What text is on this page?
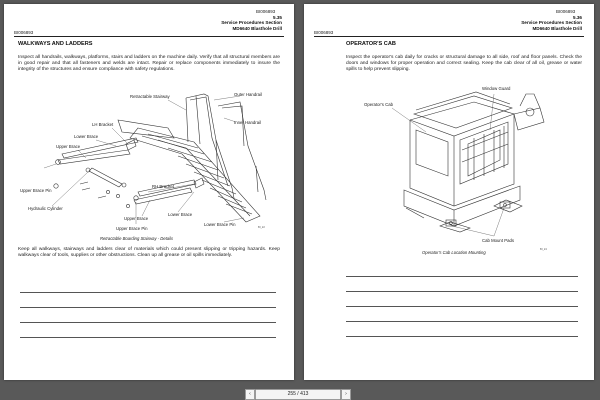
BI006893
5.35
Service Procedures Section
MD6640 Blasthole Drill
BI006893
WALKWAYS AND LADDERS
Inspect all handrails, walkways, platforms, stairs and ladders on the machine daily. Verify that all structural members are in good repair and that all fasteners and welds are intact. Repair or replace components immediately to insure the integrity of the structures and ensure compliance with safety regulations.
Retractable Stairway	Outer Handrail
Inner Handrail
LH Bracket
Lower Brace
Upper Brace
Upper Brace Pin
Hydraulic Cylinder
RH Bracket
Lower Brace
Upper Brace
Upper Brace Pin
Lower Brace Pin
BI_22
Retractable Boarding Stairway - Details
Keep all walkways, stairways and ladders clear of materials which could present slipping or tripping hazards. Keep walkways clear of tools, supplies or other obstructions. Clean up all grease or oil spills immediately.
BI006893
5.36
Service Procedures Section
MD6640 Blasthole Drill
BI006893
OPERATOR'S CAB
Inspect the operator's cab daily for cracks or structural damage to all side, roof and floor panels. Check the doors and windows for proper operation and correct sealing. Keep the cab clear of all oil, grease or water spills to help prevent slipping.
Operator's Cab
Window Guard
Cab Mount Pads
BI_24
Operator's Cab Location Mounting
‹	255 / 413	›
